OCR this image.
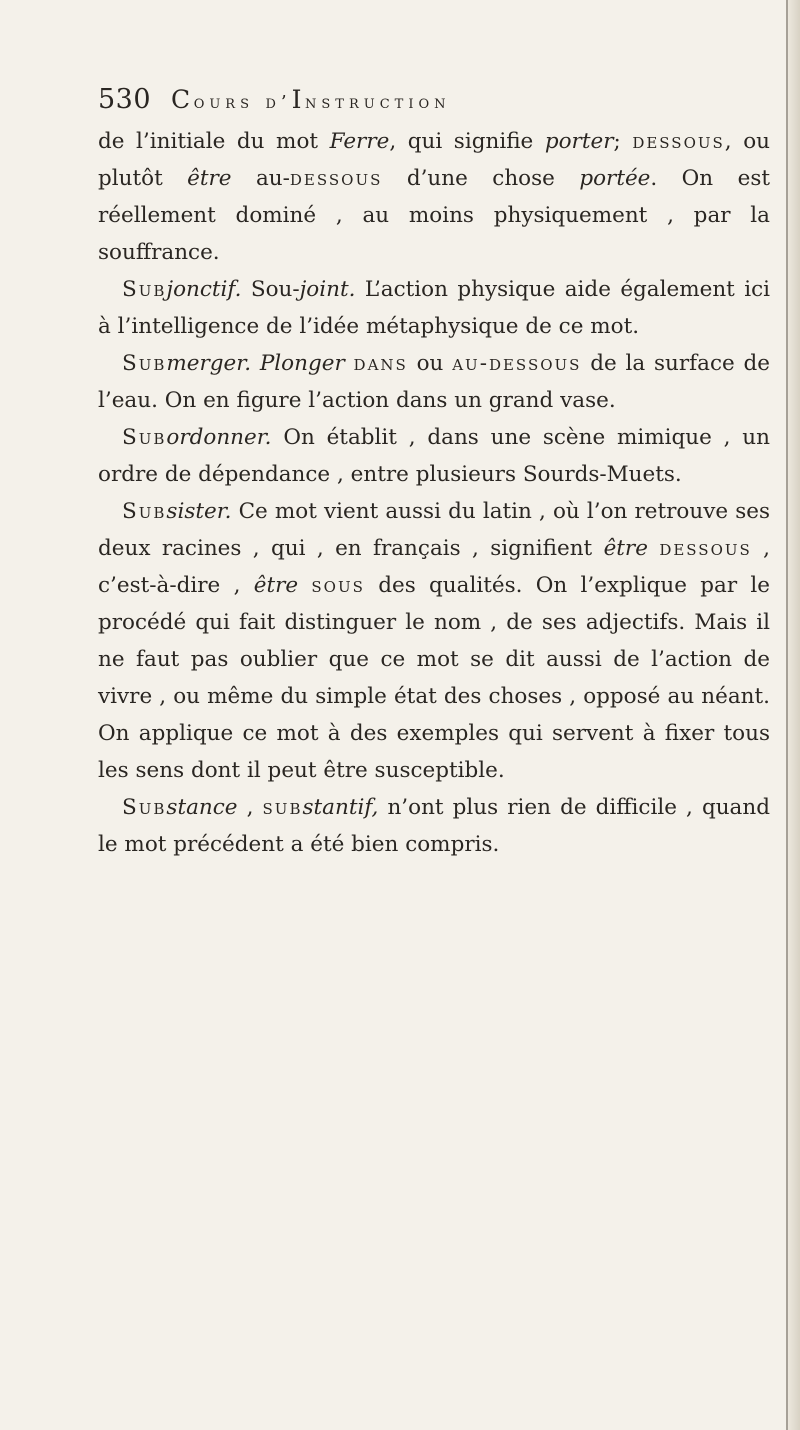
530 Cours d’Instruction

de l’initiale du mot Ferre, qui signifie porter; dessous, ou plutôt être au-dessous d’une chose portée. On est réellement dominé , au moins physiquement , par la souffrance.

Subjonctif. Sou-joint. L’action physique aide également ici à l’intelligence de l’idée métaphysique de ce mot.

Submerger. Plonger dans ou au-dessous de la surface de l’eau. On en figure l’action dans un grand vase.

Subordonner. On établit , dans une scène mimique , un ordre de dépendance , entre plusieurs Sourds-Muets.

Subsister. Ce mot vient aussi du latin , où l’on retrouve ses deux racines , qui , en français , signifient être dessous , c’est-à-dire , être sous des qualités. On l’explique par le procédé qui fait distinguer le nom , de ses adjectifs. Mais il ne faut pas oublier que ce mot se dit aussi de l’action de vivre , ou même du simple état des choses , opposé au néant. On applique ce mot à des exemples qui servent à fixer tous les sens dont il peut être susceptible.

Substance , substantif, n’ont plus rien de difficile , quand le mot précédent a été bien compris.
